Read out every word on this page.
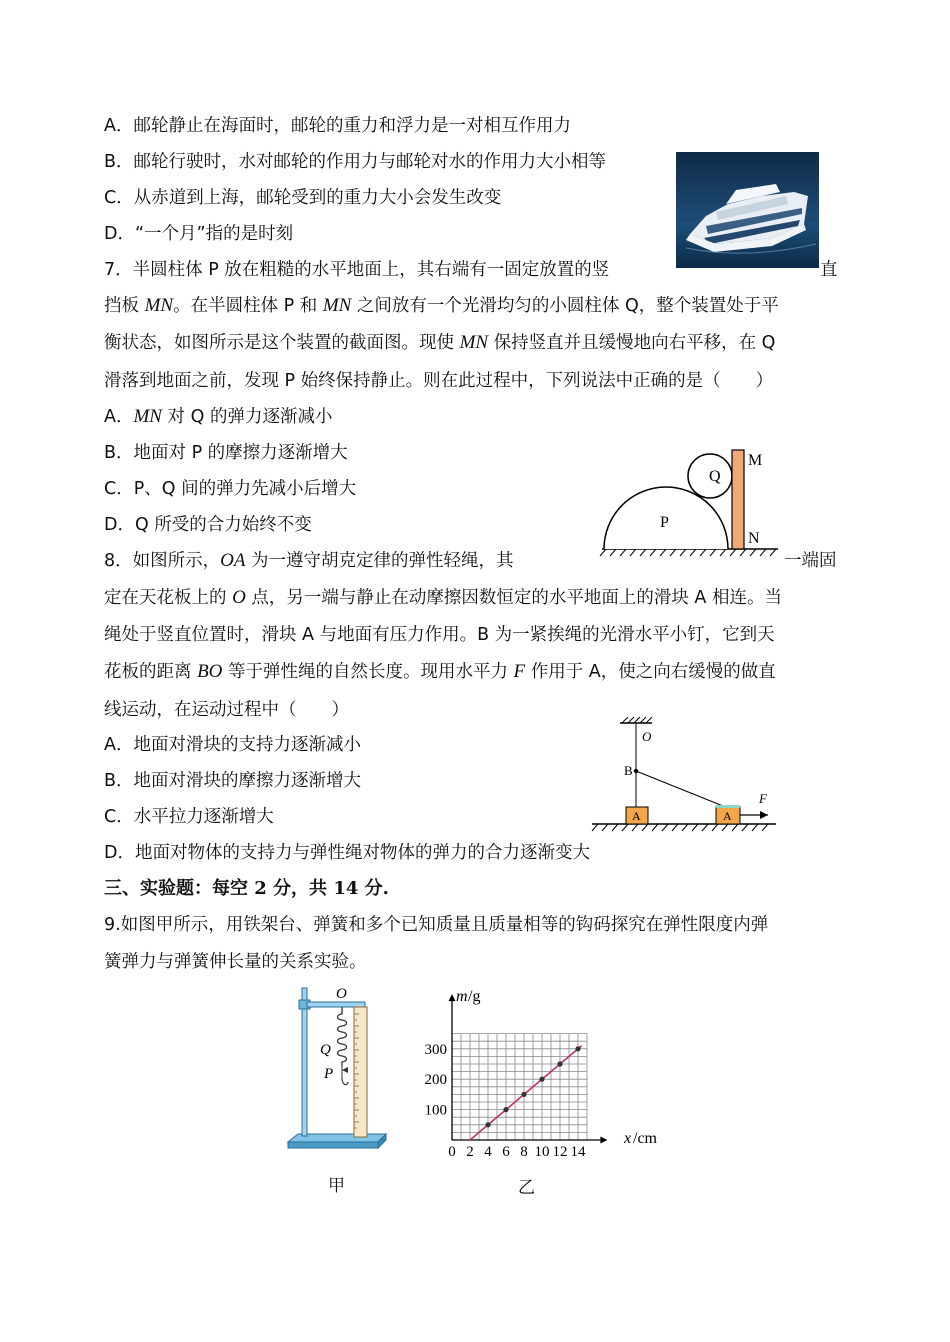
A．邮轮静止在海面时，邮轮的重力和浮力是一对相互作用力
B．邮轮行驶时，水对邮轮的作用力与邮轮对水的作用力大小相等
C．从赤道到上海，邮轮受到的重力大小会发生改变
D．“一个月”指的是时刻
7．半圆柱体 P 放在粗糙的水平地面上，其右端有一固定放置的竖	直
挡板 MN。在半圆柱体 P 和 MN 之间放有一个光滑均匀的小圆柱体 Q，整个装置处于平
衡状态，如图所示是这个装置的截面图。现使 MN 保持竖直并且缓慢地向右平移，在 Q
滑落到地面之前，发现 P 始终保持静止。则在此过程中，下列说法中正确的是（　　）
A．MN 对 Q 的弹力逐渐减小
B．地面对 P 的摩擦力逐渐增大
C．P、Q 间的弹力先减小后增大
D．Q 所受的合力始终不变	P
Q
M
N
8．如图所示，OA 为一遵守胡克定律的弹性轻绳，其	一端固
定在天花板上的 O 点，另一端与静止在动摩擦因数恒定的水平地面上的滑块 A 相连。当
绳处于竖直位置时，滑块 A 与地面有压力作用。B 为一紧挨绳的光滑水平小钉，它到天
花板的距离 BO 等于弹性绳的自然长度。现用水平力 F 作用于 A，使之向右缓慢的做直
线运动，在运动过程中（　　）
A．地面对滑块的支持力逐渐减小
B．地面对滑块的摩擦力逐渐增大
C．水平拉力逐渐增大
D．地面对物体的支持力与弹性绳对物体的弹力的合力逐渐变大
O
B
A	A
F
三、实验题：每空 2 分，共 14 分.
9.如图甲所示，用铁架台、弹簧和多个已知质量且质量相等的钩码探究在弹性限度内弹
簧弹力与弹簧伸长量的关系实验。
O
Q
P
甲
0 2 4 6 8 10 12 14
100
200
300
m /g
x /cm
乙
